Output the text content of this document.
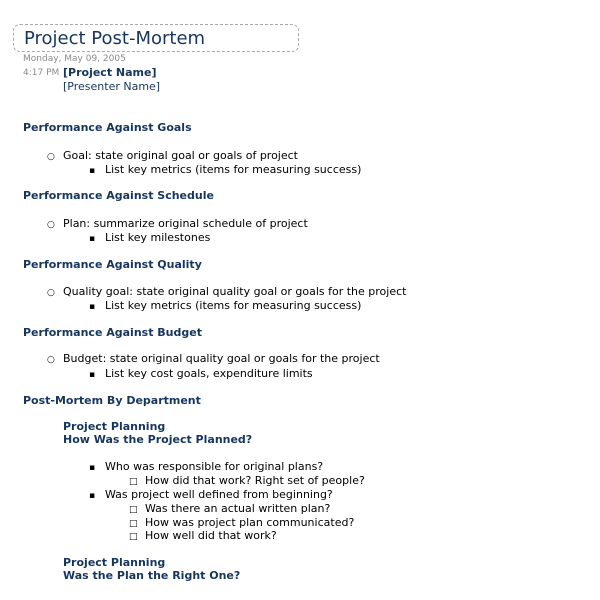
Project Post-Mortem
Monday, May 09, 2005
4:17 PM [Project Name]
[Presenter Name]
Performance Against Goals
○ Goal: state original goal or goals of project
▪ List key metrics (items for measuring success)
Performance Against Schedule
○ Plan: summarize original schedule of project
▪ List key milestones
Performance Against Quality
○ Quality goal: state original quality goal or goals for the project
▪ List key metrics (items for measuring success)
Performance Against Budget
○ Budget: state original quality goal or goals for the project
▪ List key cost goals, expenditure limits
Post-Mortem By Department
Project Planning
How Was the Project Planned?
▪ Who was responsible for original plans?
□ How did that work? Right set of people?
▪ Was project well defined from beginning?
□ Was there an actual written plan?
□ How was project plan communicated?
□ How well did that work?
Project Planning
Was the Plan the Right One?
